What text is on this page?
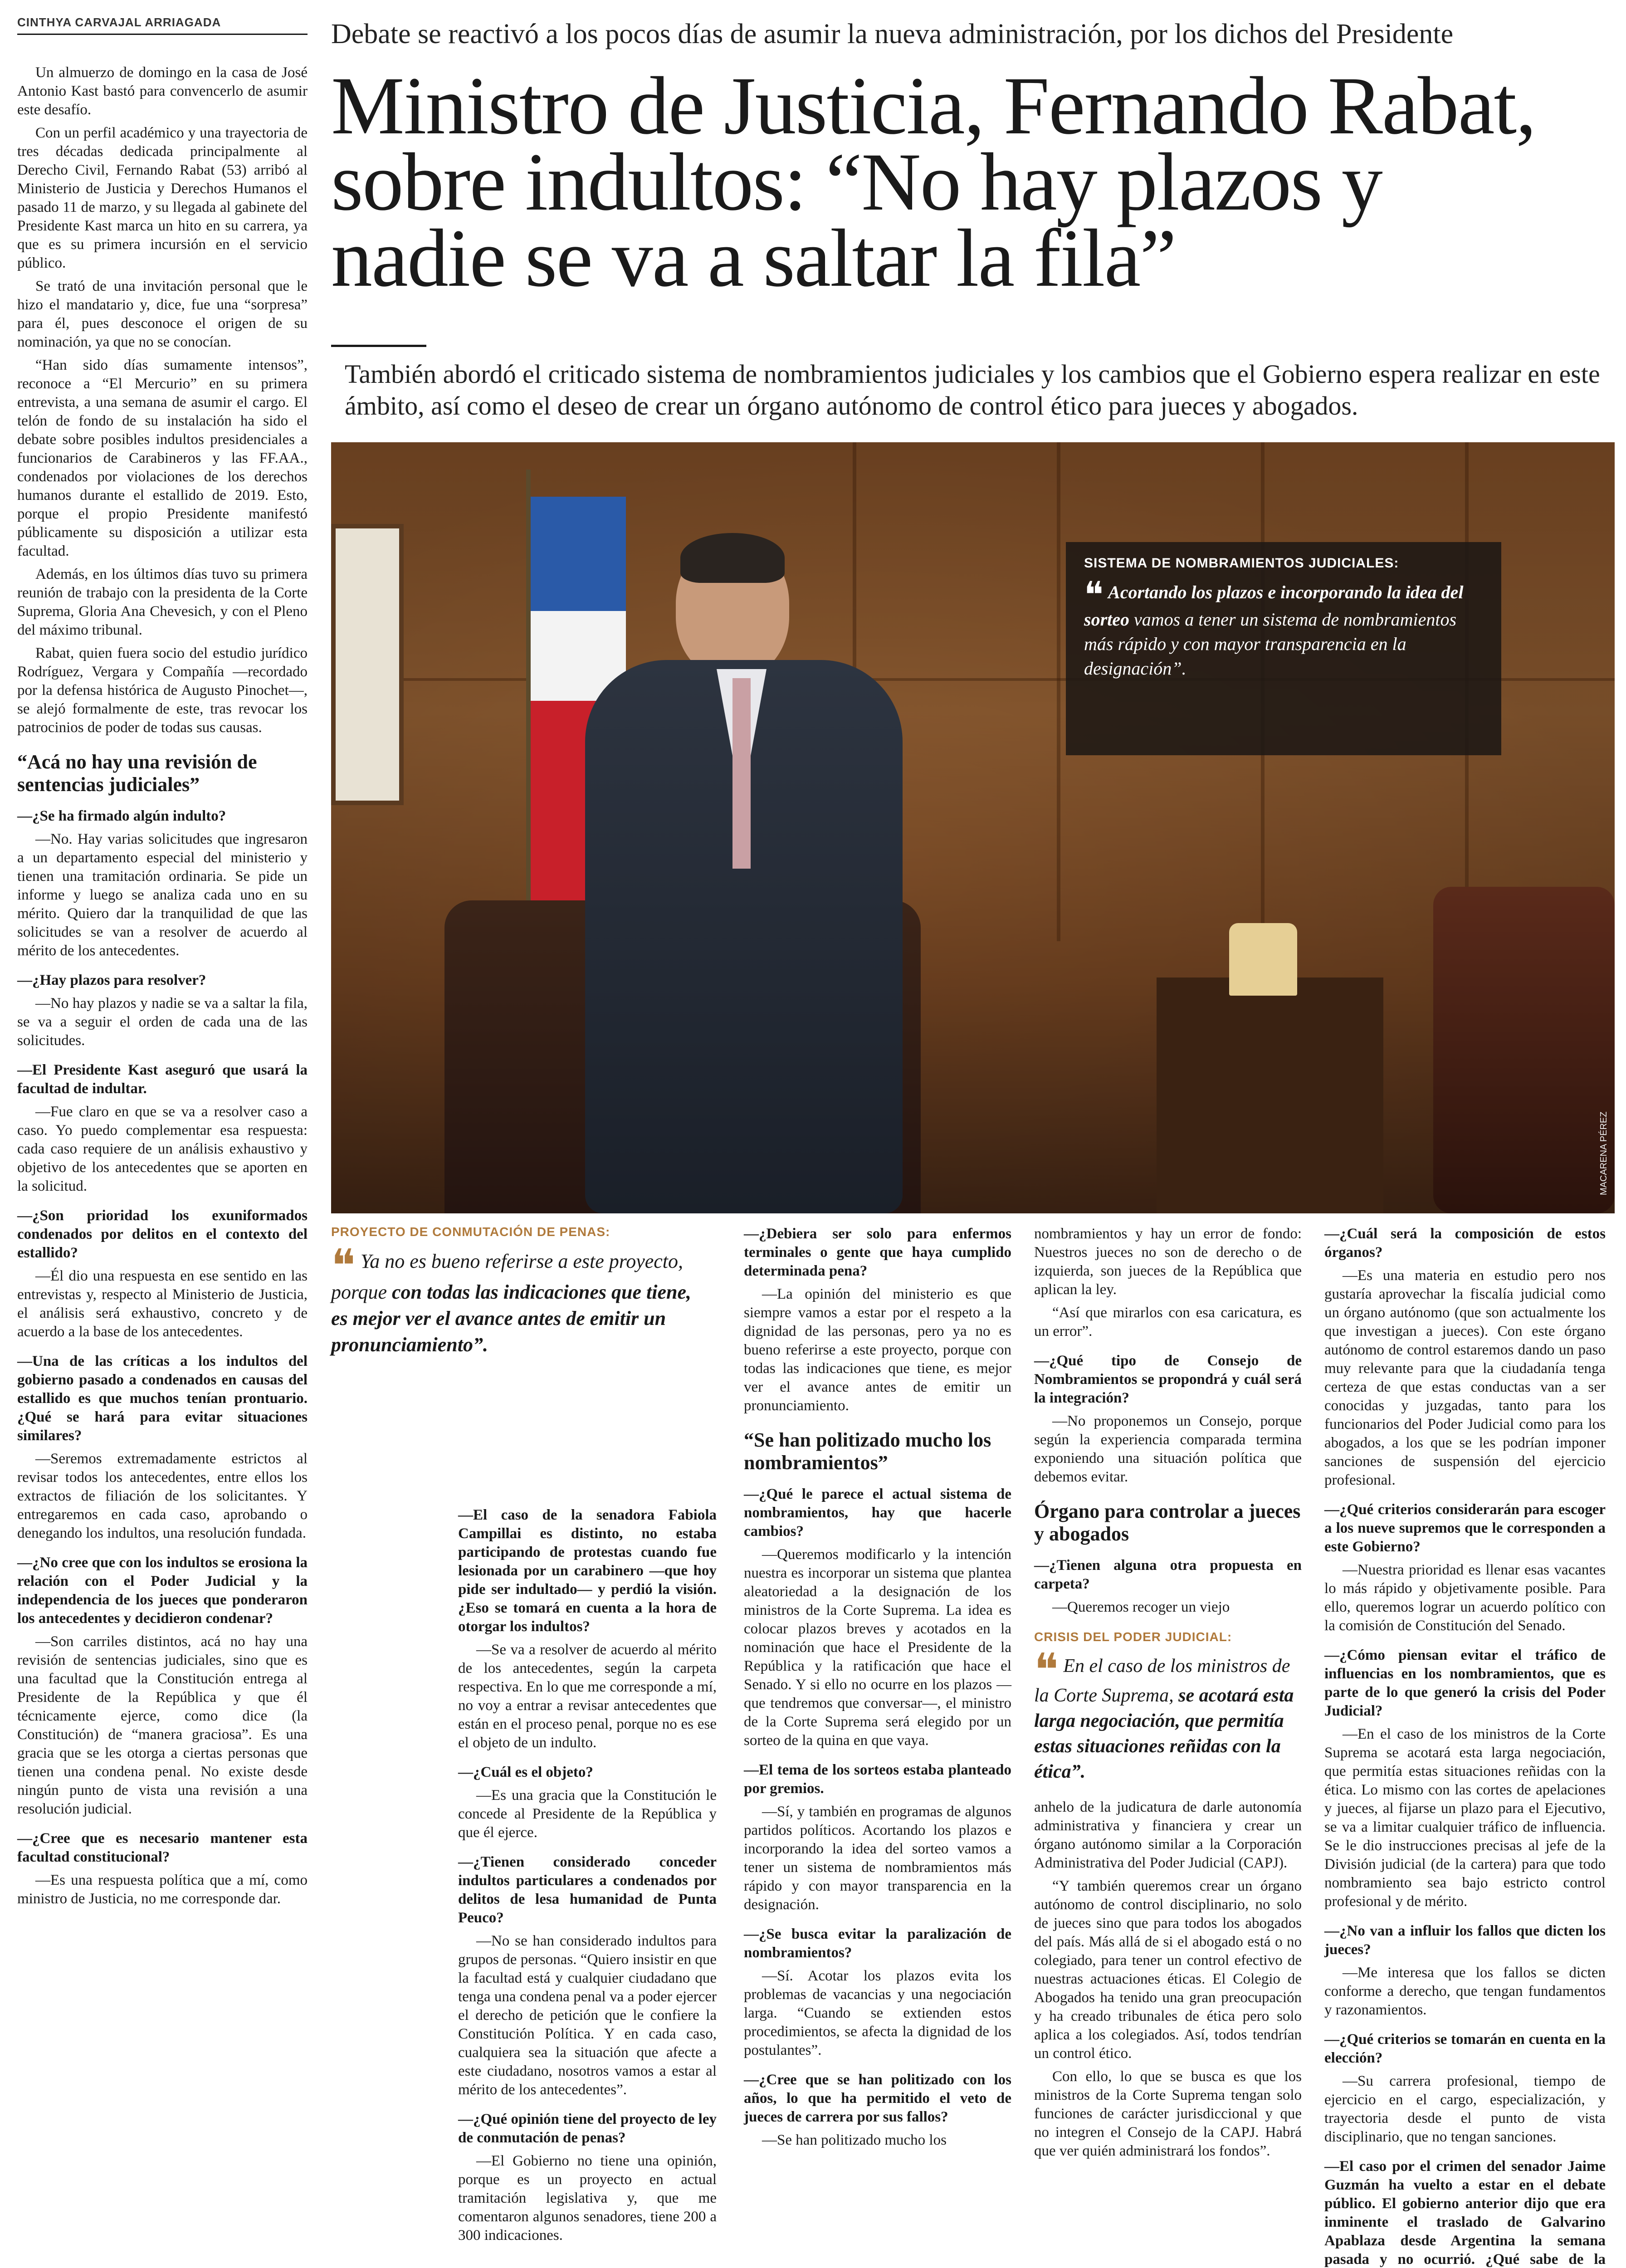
CINTHYA CARVAJAL ARRIAGADA	Debate se reactivó a los pocos días de asumir la nueva administración, por los dichos del Presidente
Ministro de Justicia, Fernando Rabat,
sobre indultos: “No hay plazos y
nadie se va a saltar la fila”
También abordó el criticado sistema de nombramientos judiciales y los cambios que el Gobierno espera realizar en este ámbito, así como el deseo de crear un órgano autónomo de control ético para jueces y abogados.

Un almuerzo de domingo en la casa de José Antonio Kast bastó para convencerlo de asumir este desafío.

Con un perfil académico y una trayectoria de tres décadas dedicada principalmente al Derecho Civil, Fernando Rabat (53) arribó al Ministerio de Justicia y Derechos Humanos el pasado 11 de marzo, y su llegada al gabinete del Presidente Kast marca un hito en su carrera, ya que es su primera incursión en el servicio público.

Se trató de una invitación personal que le hizo el mandatario y, dice, fue una “sorpresa” para él, pues desconoce el origen de su nominación, ya que no se conocían.

“Han sido días sumamente intensos”, reconoce a “El Mercurio” en su primera entrevista, a una semana de asumir el cargo. El telón de fondo de su instalación ha sido el debate sobre posibles indultos presidenciales a funcionarios de Carabineros y las FF.AA., condenados por violaciones de los derechos humanos durante el estallido de 2019. Esto, porque el propio Presidente manifestó públicamente su disposición a utilizar esta facultad.

Además, en los últimos días tuvo su primera reunión de trabajo con la presidenta de la Corte Suprema, Gloria Ana Chevesich, y con el Pleno del máximo tribunal.

Rabat, quien fuera socio del estudio jurídico Rodríguez, Vergara y Compañía —recordado por la defensa histórica de Augusto Pinochet—, se alejó formalmente de este, tras revocar los patrocinios de poder de todas sus causas.

“Acá no hay una revisión de sentencias judiciales”

— ¿Se ha firmado algún indulto?

—No. Hay varias solicitudes que ingresaron a un departamento especial del ministerio y tienen una tramitación ordinaria. Se pide un informe y luego se analiza cada uno en su mérito. Quiero dar la tranquilidad de que las solicitudes se van a resolver de acuerdo al mérito de los antecedentes.

— ¿Hay plazos para resolver?

—No hay plazos y nadie se va a saltar la fila, se va a seguir el orden de cada una de las solicitudes.

— El Presidente Kast aseguró que usará la facultad de indultar.

—Fue claro en que se va a resolver caso a caso. Yo puedo complementar esa respuesta: cada caso requiere de un análisis exhaustivo y objetivo de los antecedentes que se aporten en la solicitud.

— ¿Son prioridad los exuniformados condenados por delitos en el contexto del estallido?

—Él dio una respuesta en ese sentido en las entrevistas y, respecto al Ministerio de Justicia, el análisis será exhaustivo, concreto y de acuerdo a la base de los antecedentes.

— Una de las críticas a los indultos del gobierno pasado a condenados en causas del estallido es que muchos tenían prontuario. ¿Qué se hará para evitar situaciones similares?

—Seremos extremadamente estrictos al revisar todos los antecedentes, entre ellos los extractos de filiación de los solicitantes. Y entregaremos en cada caso, aprobando o denegando los indultos, una resolución fundada.

— ¿No cree que con los indultos se erosiona la relación con el Poder Judicial y la independencia de los jueces que ponderaron los antecedentes y decidieron condenar?

—Son carriles distintos, acá no hay una revisión de sentencias judiciales, sino que es una facultad que la Constitución entrega al Presidente de la República y que él técnicamente ejerce, como dice (la Constitución) de “manera graciosa”. Es una gracia que se les otorga a ciertas personas que tienen una condena penal. No existe desde ningún punto de vista una revisión a una resolución judicial.

— ¿Cree que es necesario mantener esta facultad constitucional?

—Es una respuesta política que a mí, como ministro de Justicia, no me corresponde dar.

SISTEMA DE NOMBRAMIENTOS JUDICIALES:
❝ Acortando los plazos e incorporando la idea del sorteo vamos a tener un sistema de nombramientos más rápido y con mayor transparencia en la designación”.
MACARENA PÉREZ
PROYECTO DE CONMUTACIÓN DE PENAS:
❝ Ya no es bueno referirse a este proyecto, porque con todas las indicaciones que tiene, es mejor ver el avance antes de emitir un pronunciamiento”.

— El caso de la senadora Fabiola Campillai es distinto, no estaba participando de protestas cuando fue lesionada por un carabinero —que hoy pide ser indultado— y perdió la visión. ¿Eso se tomará en cuenta a la hora de otorgar los indultos?

—Se va a resolver de acuerdo al mérito de los antecedentes, según la carpeta respectiva. En lo que me corresponde a mí, no voy a entrar a revisar antecedentes que están en el proceso penal, porque no es ese el objeto de un indulto.

— ¿Cuál es el objeto?

—Es una gracia que la Constitución le concede al Presidente de la República y que él ejerce.

— ¿Tienen considerado conceder indultos particulares a condenados por delitos de lesa humanidad de Punta Peuco?

—No se han considerado indultos para grupos de personas. “Quiero insistir en que la facultad está y cualquier ciudadano que tenga una condena penal va a poder ejercer el derecho de petición que le confiere la Constitución Política. Y en cada caso, cualquiera sea la situación que afecte a este ciudadano, nosotros vamos a estar al mérito de los antecedentes”.

— ¿Qué opinión tiene del proyecto de ley de conmutación de penas?

—El Gobierno no tiene una opinión, porque es un proyecto en actual tramitación legislativa y, que me comentaron algunos senadores, tiene 200 a 300 indicaciones.

— ¿Debiera ser solo para enfermos terminales o gente que haya cumplido determinada pena?

—La opinión del ministerio es que siempre vamos a estar por el respeto a la dignidad de las personas, pero ya no es bueno referirse a este proyecto, porque con todas las indicaciones que tiene, es mejor ver el avance antes de emitir un pronunciamiento.

“Se han politizado mucho los nombramientos”

— ¿Qué le parece el actual sistema de nombramientos, hay que hacerle cambios?

—Queremos modificarlo y la intención nuestra es incorporar un sistema que plantea aleatoriedad a la designación de los ministros de la Corte Suprema. La idea es colocar plazos breves y acotados en la nominación que hace el Presidente de la República y la ratificación que hace el Senado. Y si ello no ocurre en los plazos —que tendremos que conversar—, el ministro de la Corte Suprema será elegido por un sorteo de la quina en que vaya.

— El tema de los sorteos estaba planteado por gremios.

—Sí, y también en programas de algunos partidos políticos. Acortando los plazos e incorporando la idea del sorteo vamos a tener un sistema de nombramientos más rápido y con mayor transparencia en la designación.

— ¿Se busca evitar la paralización de nombramientos?

—Sí. Acotar los plazos evita los problemas de vacancias y una negociación larga. “Cuando se extienden estos procedimientos, se afecta la dignidad de los postulantes”.

— ¿Cree que se han politizado con los años, lo que ha permitido el veto de jueces de carrera por sus fallos?

—Se han politizado mucho los

nombramientos y hay un error de fondo: Nuestros jueces no son de derecho o de izquierda, son jueces de la República que aplican la ley.

“Así que mirarlos con esa caricatura, es un error”.

— ¿Qué tipo de Consejo de Nombramientos se propondrá y cuál será la integración?

—No proponemos un Consejo, porque según la experiencia comparada termina exponiendo una situación política que debemos evitar.

Órgano para controlar a jueces y abogados

— ¿Tienen alguna otra propuesta en carpeta?

—Queremos recoger un viejo

CRISIS DEL PODER JUDICIAL:
❝ En el caso de los ministros de la Corte Suprema, se acotará esta larga negociación, que permitía estas situaciones reñidas con la ética”.

anhelo de la judicatura de darle autonomía administrativa y financiera y crear un órgano autónomo similar a la Corporación Administrativa del Poder Judicial (CAPJ).

“Y también queremos crear un órgano autónomo de control disciplinario, no solo de jueces sino que para todos los abogados del país. Más allá de si el abogado está o no colegiado, para tener un control efectivo de nuestras actuaciones éticas. El Colegio de Abogados ha tenido una gran preocupación y ha creado tribunales de ética pero solo aplica a los colegiados. Así, todos tendrían un control ético.

Con ello, lo que se busca es que los ministros de la Corte Suprema tengan solo funciones de carácter jurisdiccional y que no integren el Consejo de la CAPJ. Habrá que ver quién administrará los fondos”.

— ¿Cuál será la composición de estos órganos?

—Es una materia en estudio pero nos gustaría aprovechar la fiscalía judicial como un órgano autónomo (que son actualmente los que investigan a jueces). Con este órgano autónomo de control estaremos dando un paso muy relevante para que la ciudadanía tenga certeza de que estas conductas van a ser conocidas y juzgadas, tanto para los funcionarios del Poder Judicial como para los abogados, a los que se les podrían imponer sanciones de suspensión del ejercicio profesional.

— ¿Qué criterios considerarán para escoger a los nueve supremos que le corresponden a este Gobierno?

—Nuestra prioridad es llenar esas vacantes lo más rápido y objetivamente posible. Para ello, queremos lograr un acuerdo político con la comisión de Constitución del Senado.

— ¿Cómo piensan evitar el tráfico de influencias en los nombramientos, que es parte de lo que generó la crisis del Poder Judicial?

—En el caso de los ministros de la Corte Suprema se acotará esta larga negociación, que permitía estas situaciones reñidas con la ética. Lo mismo con las cortes de apelaciones y jueces, al fijarse un plazo para el Ejecutivo, se va a limitar cualquier tráfico de influencia. Se le dio instrucciones precisas al jefe de la División judicial (de la cartera) para que todo nombramiento sea bajo estricto control profesional y de mérito.

— ¿No van a influir los fallos que dicten los jueces?

—Me interesa que los fallos se dicten conforme a derecho, que tengan fundamentos y razonamientos.

— ¿Qué criterios se tomarán en cuenta en la elección?

—Su carrera profesional, tiempo de ejercicio en el cargo, especialización, y trayectoria desde el punto de vista disciplinario, que no tengan sanciones.

— El caso por el crimen del senador Jaime Guzmán ha vuelto a estar en el debate público. El gobierno anterior dijo que era inminente el traslado de Galvarino Apablaza desde Argentina la semana pasada y no ocurrió. ¿Qué sabe de la
